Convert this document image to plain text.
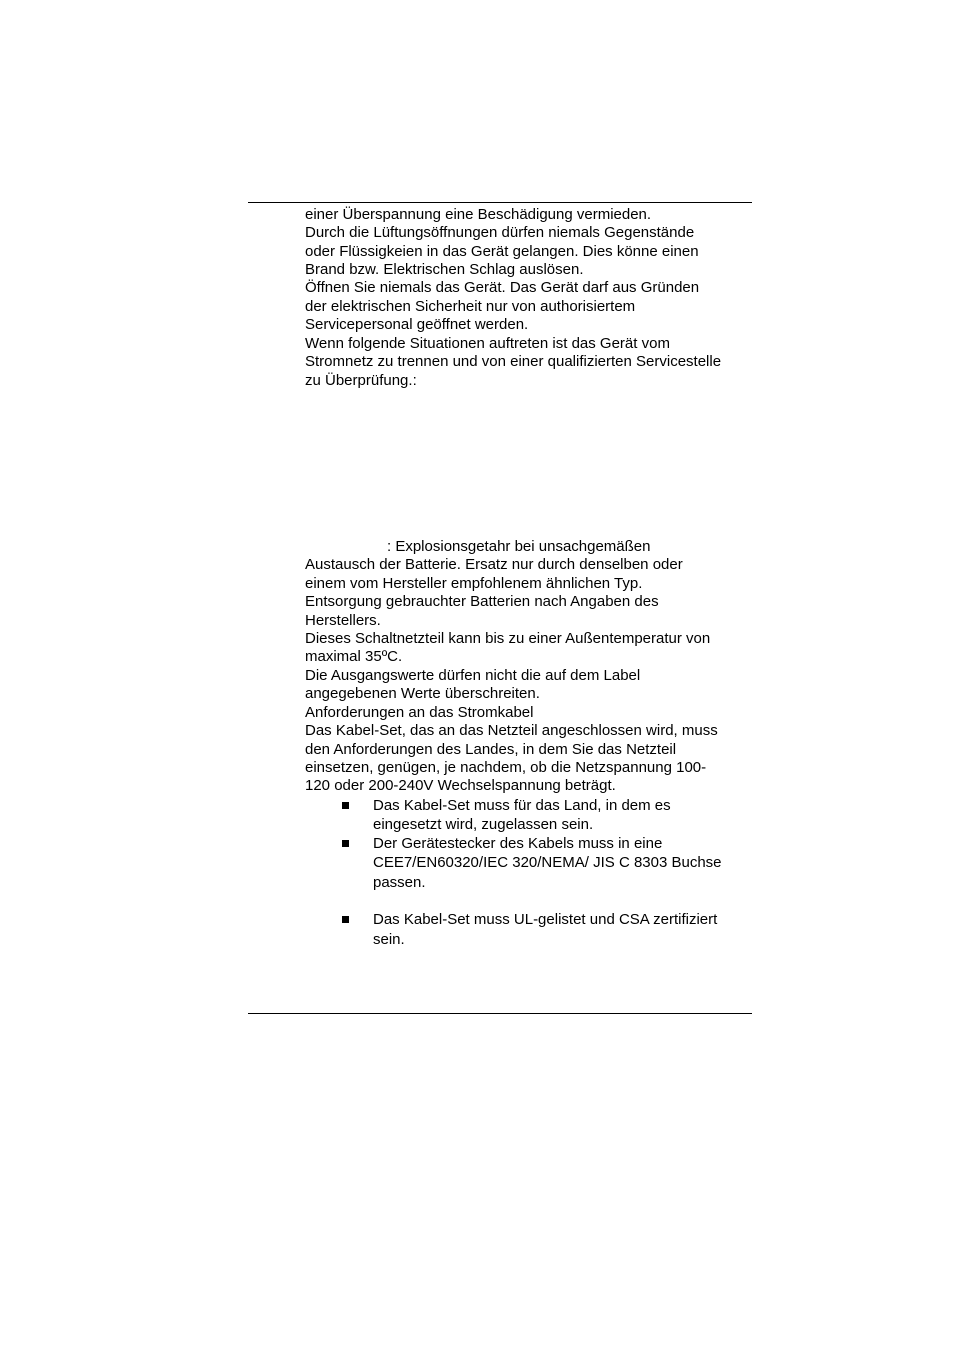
einer Überspannung eine Beschädigung vermieden.
Durch die Lüftungsöffnungen dürfen niemals Gegenstände
oder Flüssigkeien in das Gerät gelangen. Dies könne einen
Brand bzw. Elektrischen Schlag auslösen.
Öffnen Sie niemals das Gerät. Das Gerät darf aus Gründen
der elektrischen Sicherheit nur von authorisiertem
Servicepersonal geöffnet werden.
Wenn folgende Situationen auftreten ist das Gerät vom
Stromnetz zu trennen und von einer qualifizierten Servicestelle
zu Überprüfung.:
: Explosionsgetahr bei unsachgemäßen
Austausch der Batterie. Ersatz nur durch denselben oder
einem vom Hersteller empfohlenem ähnlichen Typ.
Entsorgung gebrauchter Batterien nach Angaben des
Herstellers.
Dieses Schaltnetzteil kann bis zu einer Außentemperatur von
maximal 35ºC.
Die Ausgangswerte dürfen nicht die auf dem Label
angegebenen Werte überschreiten.
Anforderungen an das Stromkabel
Das Kabel-Set, das an das Netzteil angeschlossen wird, muss
den Anforderungen des Landes, in dem Sie das Netzteil
einsetzen, genügen, je nachdem, ob die Netzspannung 100-
120 oder 200-240V Wechselspannung beträgt.
Das Kabel-Set muss für das Land, in dem es
eingesetzt wird, zugelassen sein.
Der Gerätestecker des Kabels muss in eine
CEE7/EN60320/IEC 320/NEMA/ JIS C 8303 Buchse
passen.
Das Kabel-Set muss UL-gelistet und CSA zertifiziert
sein.
